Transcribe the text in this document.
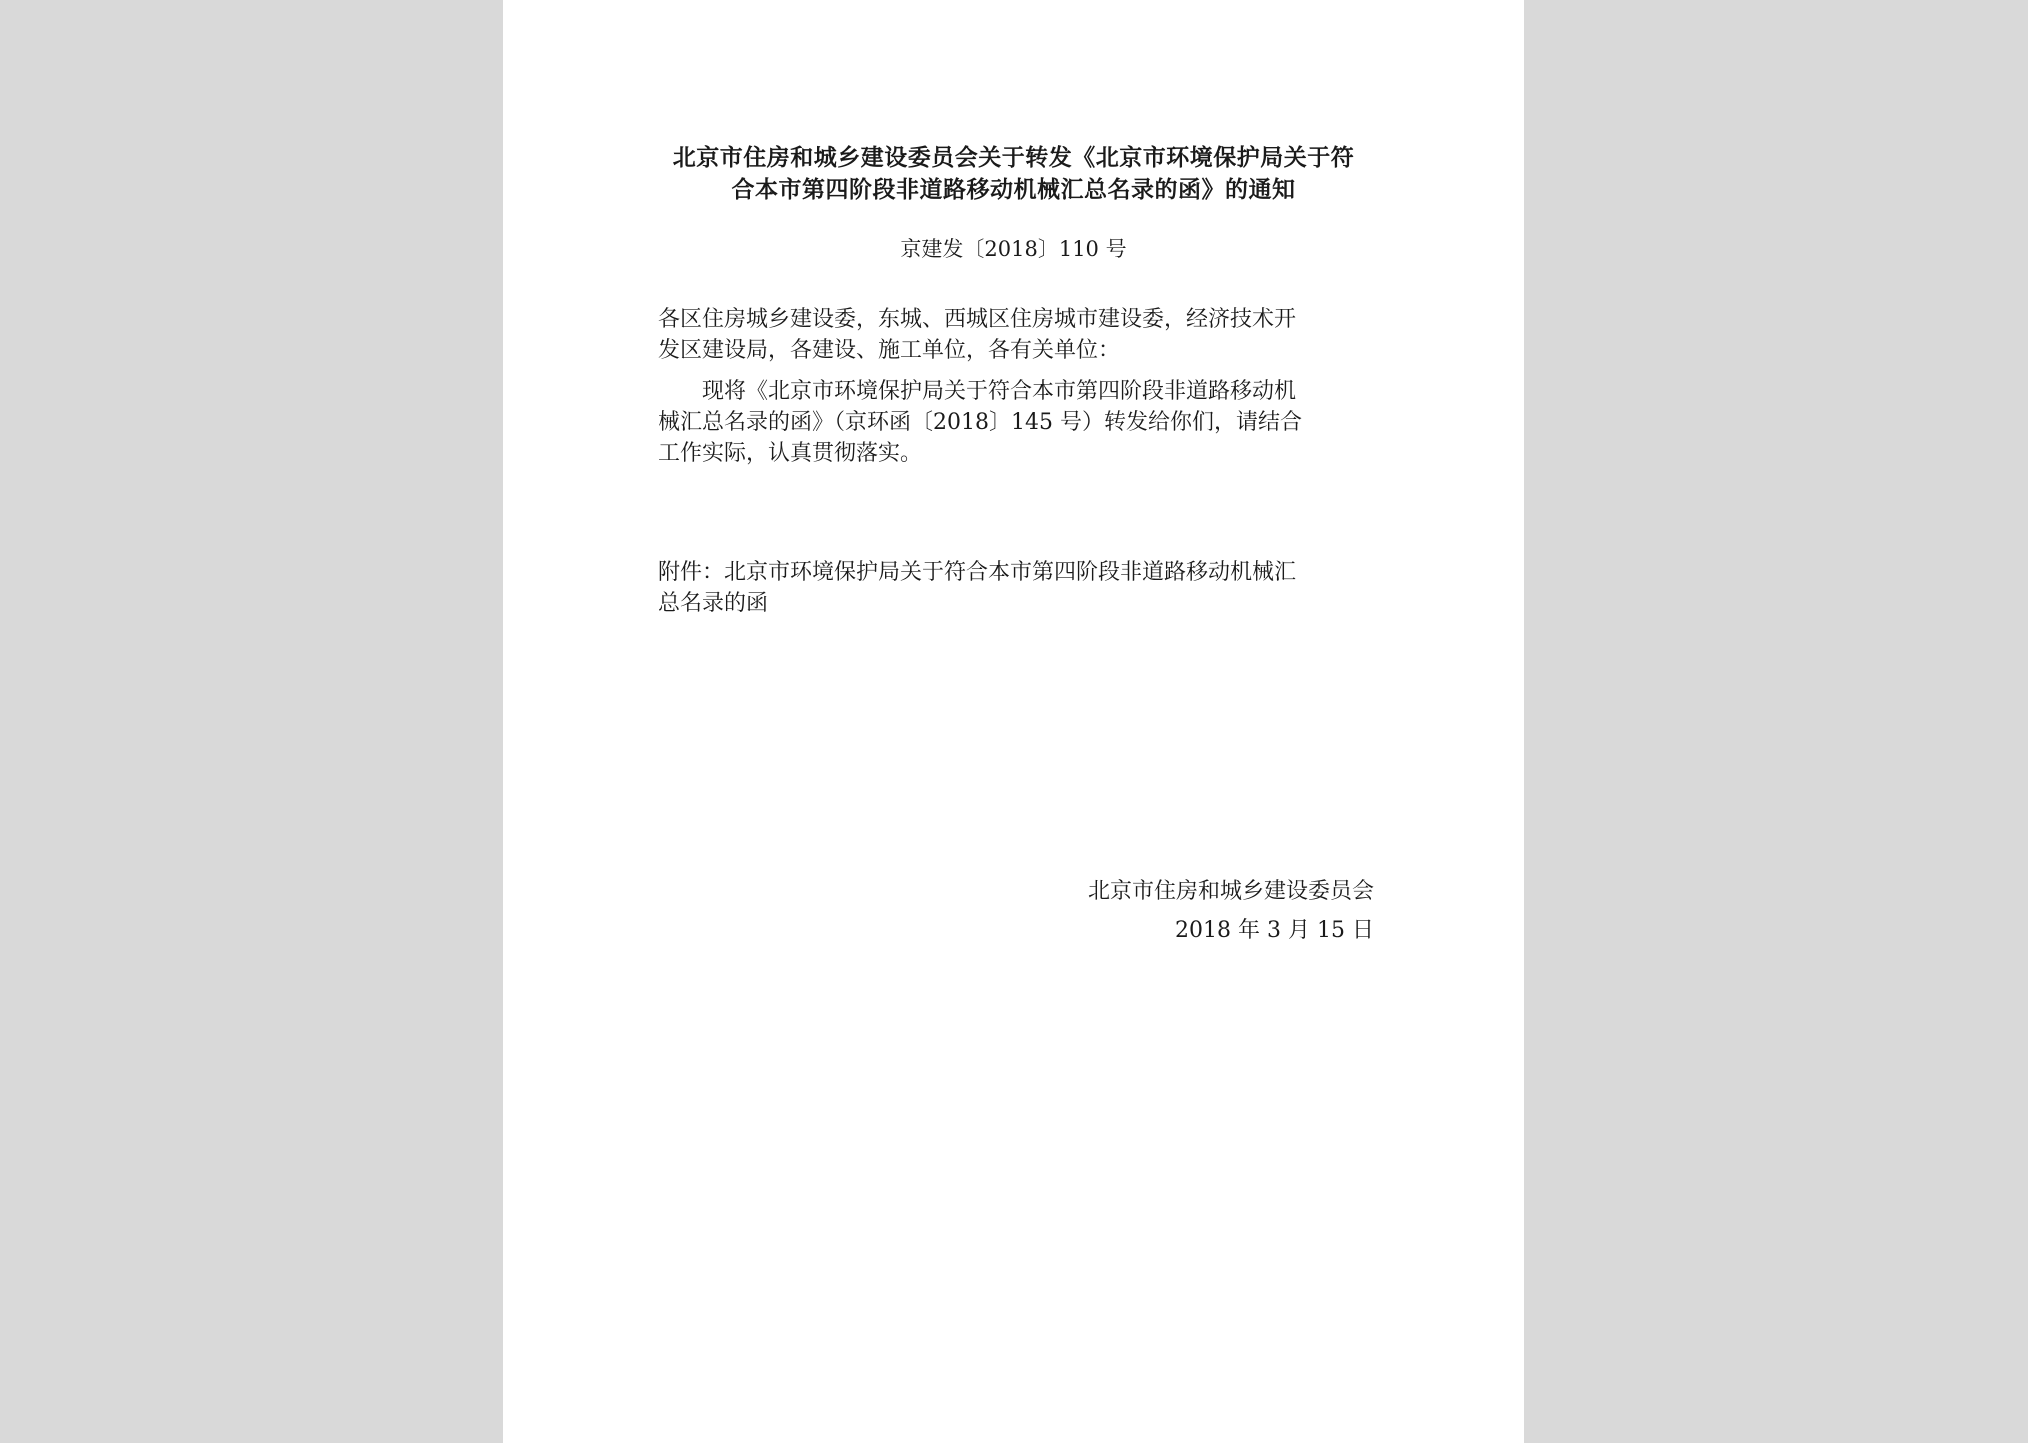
北京市住房和城乡建设委员会关于转发《北京市环境保护局关于符
合本市第四阶段非道路移动机械汇总名录的函》的通知
京建发〔2018〕110 号
各区住房城乡建设委，东城、西城区住房城市建设委，经济技术开
发区建设局，各建设、施工单位，各有关单位：
现将《北京市环境保护局关于符合本市第四阶段非道路移动机
械汇总名录的函》（京环函〔2018〕145 号）转发给你们，请结合
工作实际，认真贯彻落实。
附件：北京市环境保护局关于符合本市第四阶段非道路移动机械汇
总名录的函
北京市住房和城乡建设委员会
2018 年 3 月 15 日
